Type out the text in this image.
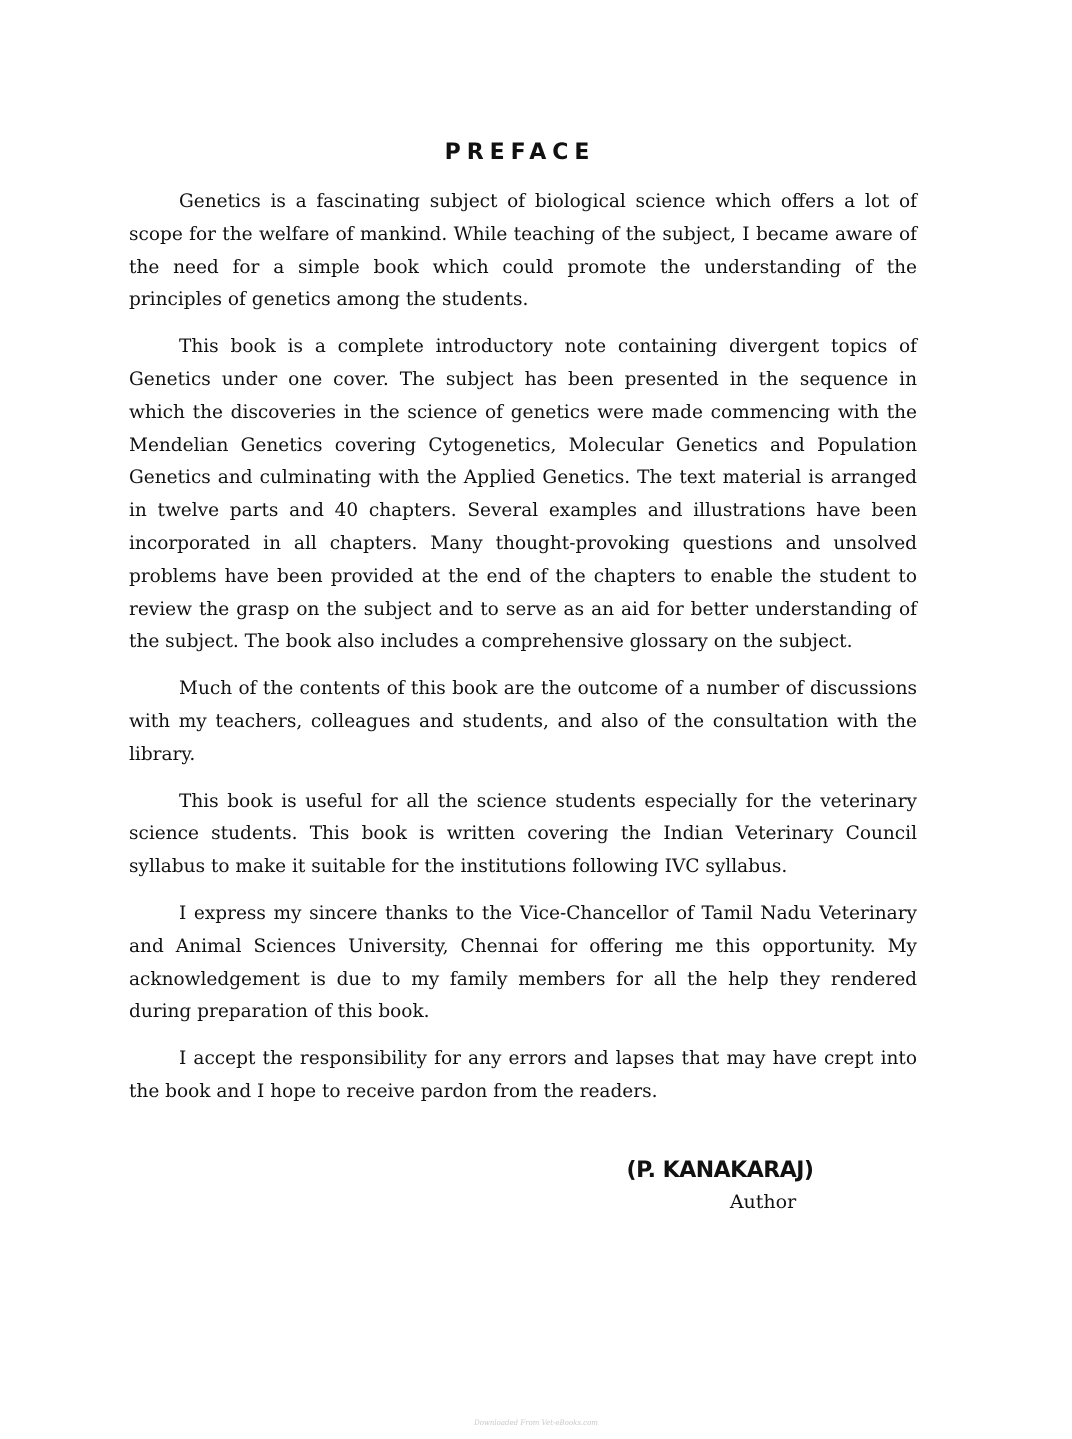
PREFACE

Genetics is a fascinating subject of biological science which offers a lot of scope for the welfare of mankind. While teaching of the subject, I became aware of the need for a simple book which could promote the understanding of the principles of genetics among the students.

This book is a complete introductory note containing divergent topics of Genetics under one cover. The subject has been presented in the sequence in which the discoveries in the science of genetics were made commencing with the Mendelian Genetics covering Cytogenetics, Molecular Genetics and Population Genetics and culminating with the Applied Genetics. The text material is arranged in twelve parts and 40 chapters. Several examples and illustrations have been incorporated in all chapters. Many thought-provoking questions and unsolved problems have been provided at the end of the chapters to enable the student to review the grasp on the subject and to serve as an aid for better understanding of the subject. The book also includes a comprehensive glossary on the subject.

Much of the contents of this book are the outcome of a number of discussions with my teachers, colleagues and students, and also of the consultation with the library.

This book is useful for all the science students especially for the veterinary science students. This book is written covering the Indian Veterinary Council syllabus to make it suitable for the institutions following IVC syllabus.

I express my sincere thanks to the Vice-Chancellor of Tamil Nadu Veterinary and Animal Sciences University, Chennai for offering me this opportunity. My acknowledgement is due to my family members for all the help they rendered during preparation of this book.

I accept the responsibility for any errors and lapses that may have crept into the book and I hope to receive pardon from the readers.

(P. KANAKARAJ)

Author

Downloaded From Vet-eBooks.com
